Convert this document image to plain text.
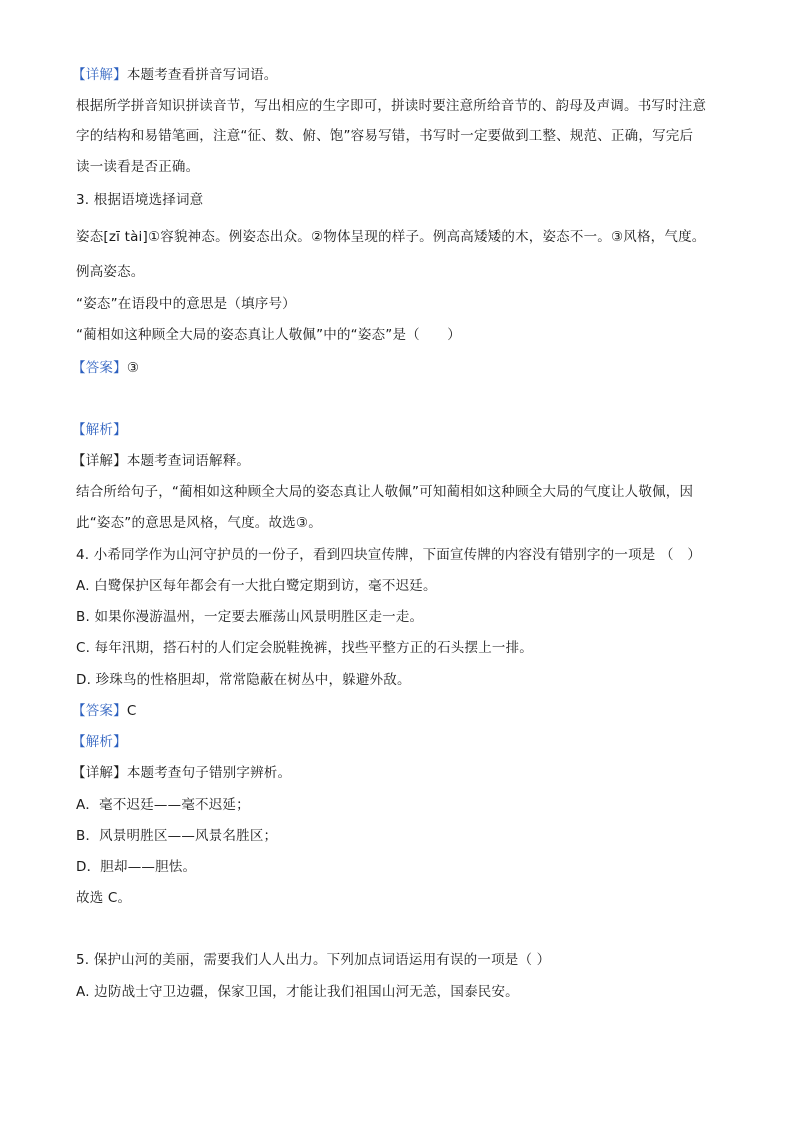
【详解】本题考查看拼音写词语。
根据所学拼音知识拼读音节，写出相应的生字即可，拼读时要注意所给音节的、韵母及声调。书写时注意
字的结构和易错笔画，注意“征、数、俯、饱”容易写错，书写时一定要做到工整、规范、正确，写完后
读一读看是否正确。
3. 根据语境选择词意
姿态[zī tài]①容貌神态。例姿态出众。②物体呈现的样子。例高高矮矮的木，姿态不一。③风格，气度。
例高姿态。
“姿态”在语段中的意思是（填序号）
“蔺相如这种顾全大局的姿态真让人敬佩”中的“姿态”是（　　）
【答案】③
【解析】
【详解】本题考查词语解释。
结合所给句子，“蔺相如这种顾全大局的姿态真让人敬佩”可知蔺相如这种顾全大局的气度让人敬佩，因
此“姿态”的意思是风格，气度。故选③。
4. 小希同学作为山河守护员的一份子，看到四块宣传牌，下面宣传牌的内容没有错别字的一项是 （　）
A. 白鹭保护区每年都会有一大批白鹭定期到访，毫不迟廷。
B. 如果你漫游温州，一定要去雁荡山风景明胜区走一走。
C. 每年汛期，搭石村的人们定会脱鞋挽裤，找些平整方正的石头摆上一排。
D. 珍珠鸟的性格胆却，常常隐蔽在树丛中，躲避外敌。
【答案】C
【解析】
【详解】本题考查句子错别字辨析。
A．毫不迟廷——毫不迟延；
B．风景明胜区——风景名胜区；
D．胆却——胆怯。
故选 C。
5. 保护山河的美丽，需要我们人人出力。下列加点词语运用有误的一项是（ ）
A. 边防战士守卫边疆，保家卫国，才能让我们祖国山河无恙，国泰民安。
